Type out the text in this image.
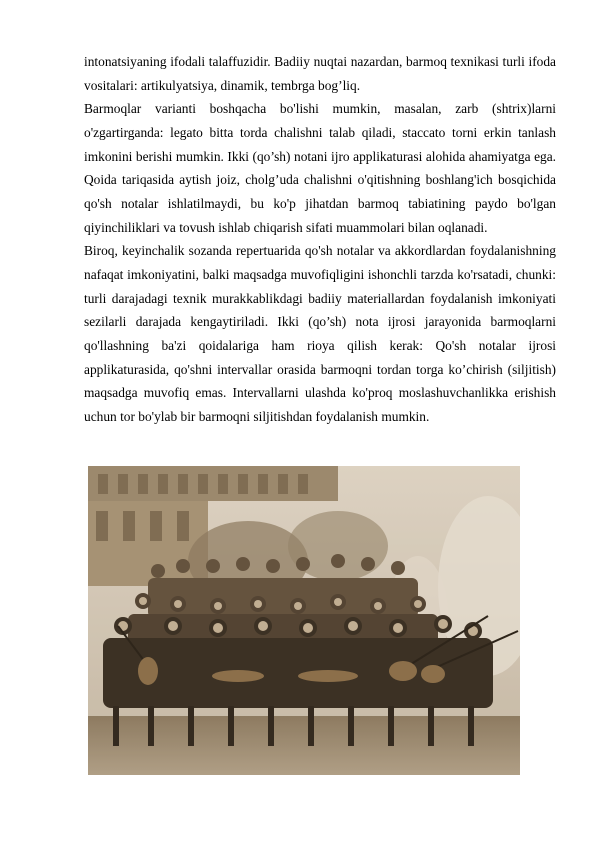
intonatsiyaning ifodali talaffuzidir. Badiiy nuqtai nazardan, barmoq texnikasi turli ifoda vositalari: artikulyatsiya, dinamik, tembrga bog’liq.

Barmoqlar varianti boshqacha bo'lishi mumkin, masalan, zarb (shtrix)larni o'zgartirganda: legato bitta torda chalishni talab qiladi, staccato torni erkin tanlash imkonini berishi mumkin. Ikki (qo’sh) notani ijro applikaturasi alohida ahamiyatga ega. Qoida tariqasida aytish joiz, cholg’uda chalishni o'qitishning boshlang'ich bosqichida qo'sh notalar ishlatilmaydi, bu ko'p jihatdan barmoq tabiatining paydo bo'lgan qiyinchiliklari va tovush ishlab chiqarish sifati muammolari bilan oqlanadi.

Biroq, keyinchalik sozanda repertuarida qo'sh notalar va akkordlardan foydalanishning nafaqat imkoniyatini, balki maqsadga muvofiqligini ishonchli tarzda ko'rsatadi, chunki: turli darajadagi texnik murakkablikdagi badiiy materiallardan foydalanish imkoniyati sezilarli darajada kengaytiriladi. Ikki (qo’sh) nota ijrosi jarayonida barmoqlarni qo'llashning ba'zi qoidalariga ham rioya qilish kerak: Qo'sh notalar ijrosi applikaturasida, qo'shni intervallar orasida barmoqni tordan torga ko’chirish (siljitish) maqsadga muvofiq emas. Intervallarni ulashda ko'proq moslashuvchanlikka erishish uchun tor bo'ylab bir barmoqni siljitishdan foydalanish mumkin.
